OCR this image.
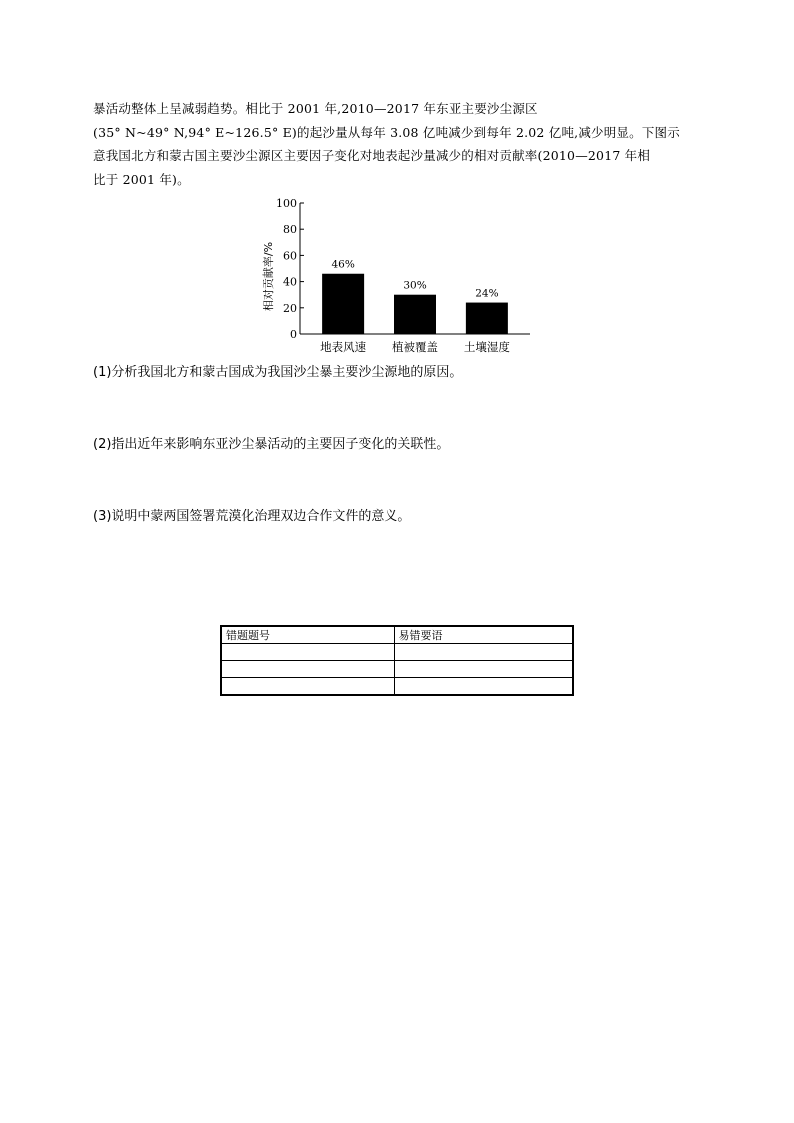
暴活动整体上呈减弱趋势。相比于 2001 年,2010—2017 年东亚主要沙尘源区

(35° N~49° N,94° E~126.5° E)的起沙量从每年 3.08 亿吨减少到每年 2.02 亿吨,减少明显。下图示

意我国北方和蒙古国主要沙尘源区主要因子变化对地表起沙量减少的相对贡献率(2010—2017 年相

比于 2001 年)。

0
20
40
60
80
100
相对贡献率/%	46%
地表风速
30%
植被覆盖
24%
土壤湿度
(1)分析我国北方和蒙古国成为我国沙尘暴主要沙尘源地的原因。
(2)指出近年来影响东亚沙尘暴活动的主要因子变化的关联性。
(3)说明中蒙两国签署荒漠化治理双边合作文件的意义。
错题题号	易错要语
